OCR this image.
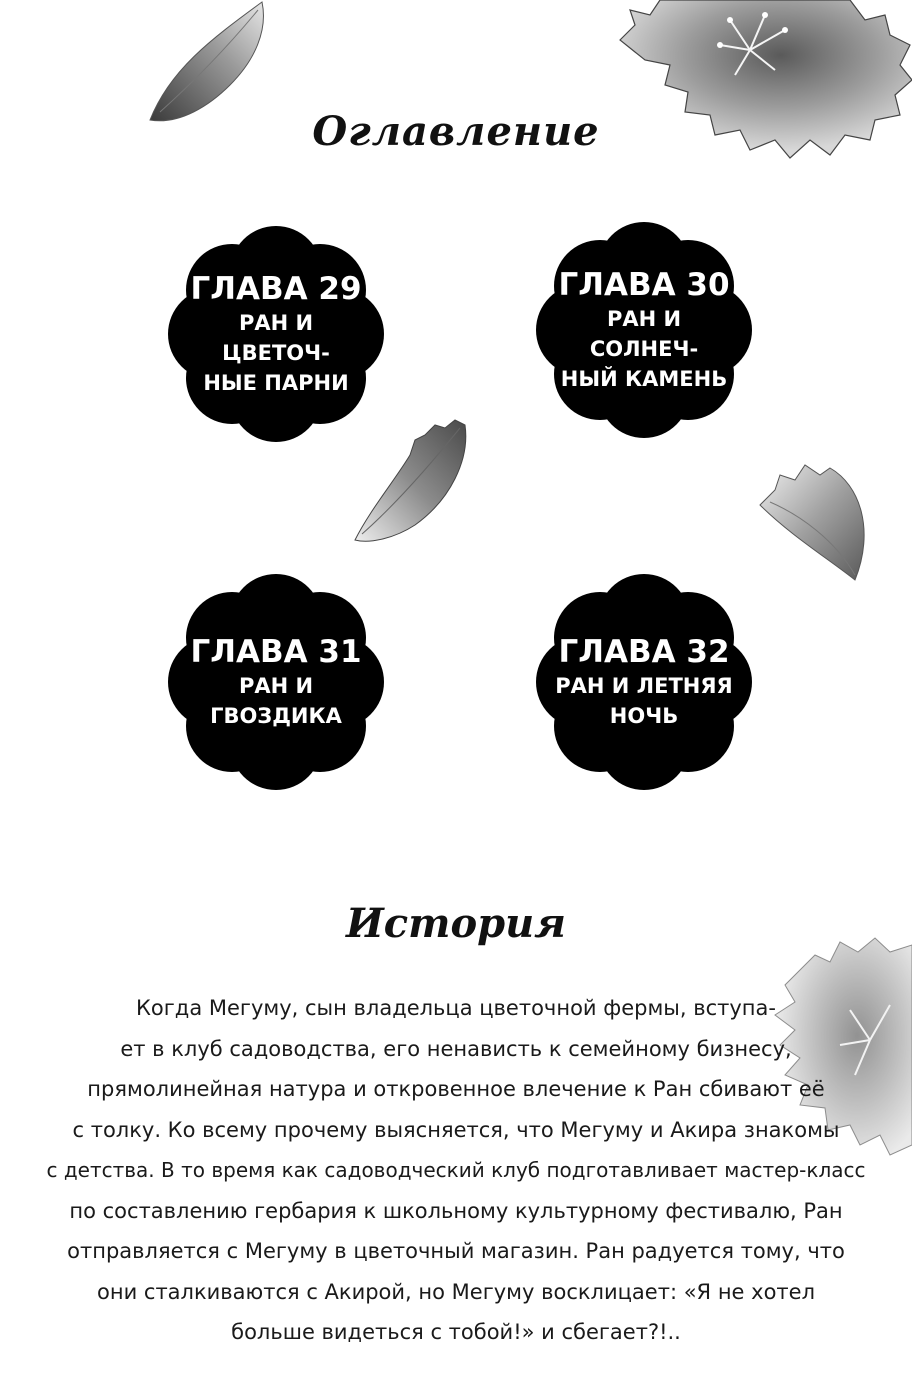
Оглавление
ГЛАВА 29
РАН И ЦВЕТОЧ-
НЫЕ ПАРНИ
ГЛАВА 30
РАН И СОЛНЕЧ-
НЫЙ КАМЕНЬ
ГЛАВА 31
РАН И ГВОЗДИКА
ГЛАВА 32
РАН И ЛЕТНЯЯ
НОЧЬ
История
Когда Мегуму, сын владельца цветочной фермы, вступа-
ет в клуб садоводства, его ненависть к семейному бизнесу,
прямолинейная натура и откровенное влечение к Ран сбивают её
с толку. Ко всему прочему выясняется, что Мегуму и Акира знакомы
с детства. В то время как садоводческий клуб подготавливает мастер-класс
по составлению гербария к школьному культурному фестивалю, Ран
отправляется с Мегуму в цветочный магазин. Ран радуется тому, что
они сталкиваются с Акирой, но Мегуму восклицает: «Я не хотел
больше видеться с тобой!» и сбегает?!..
